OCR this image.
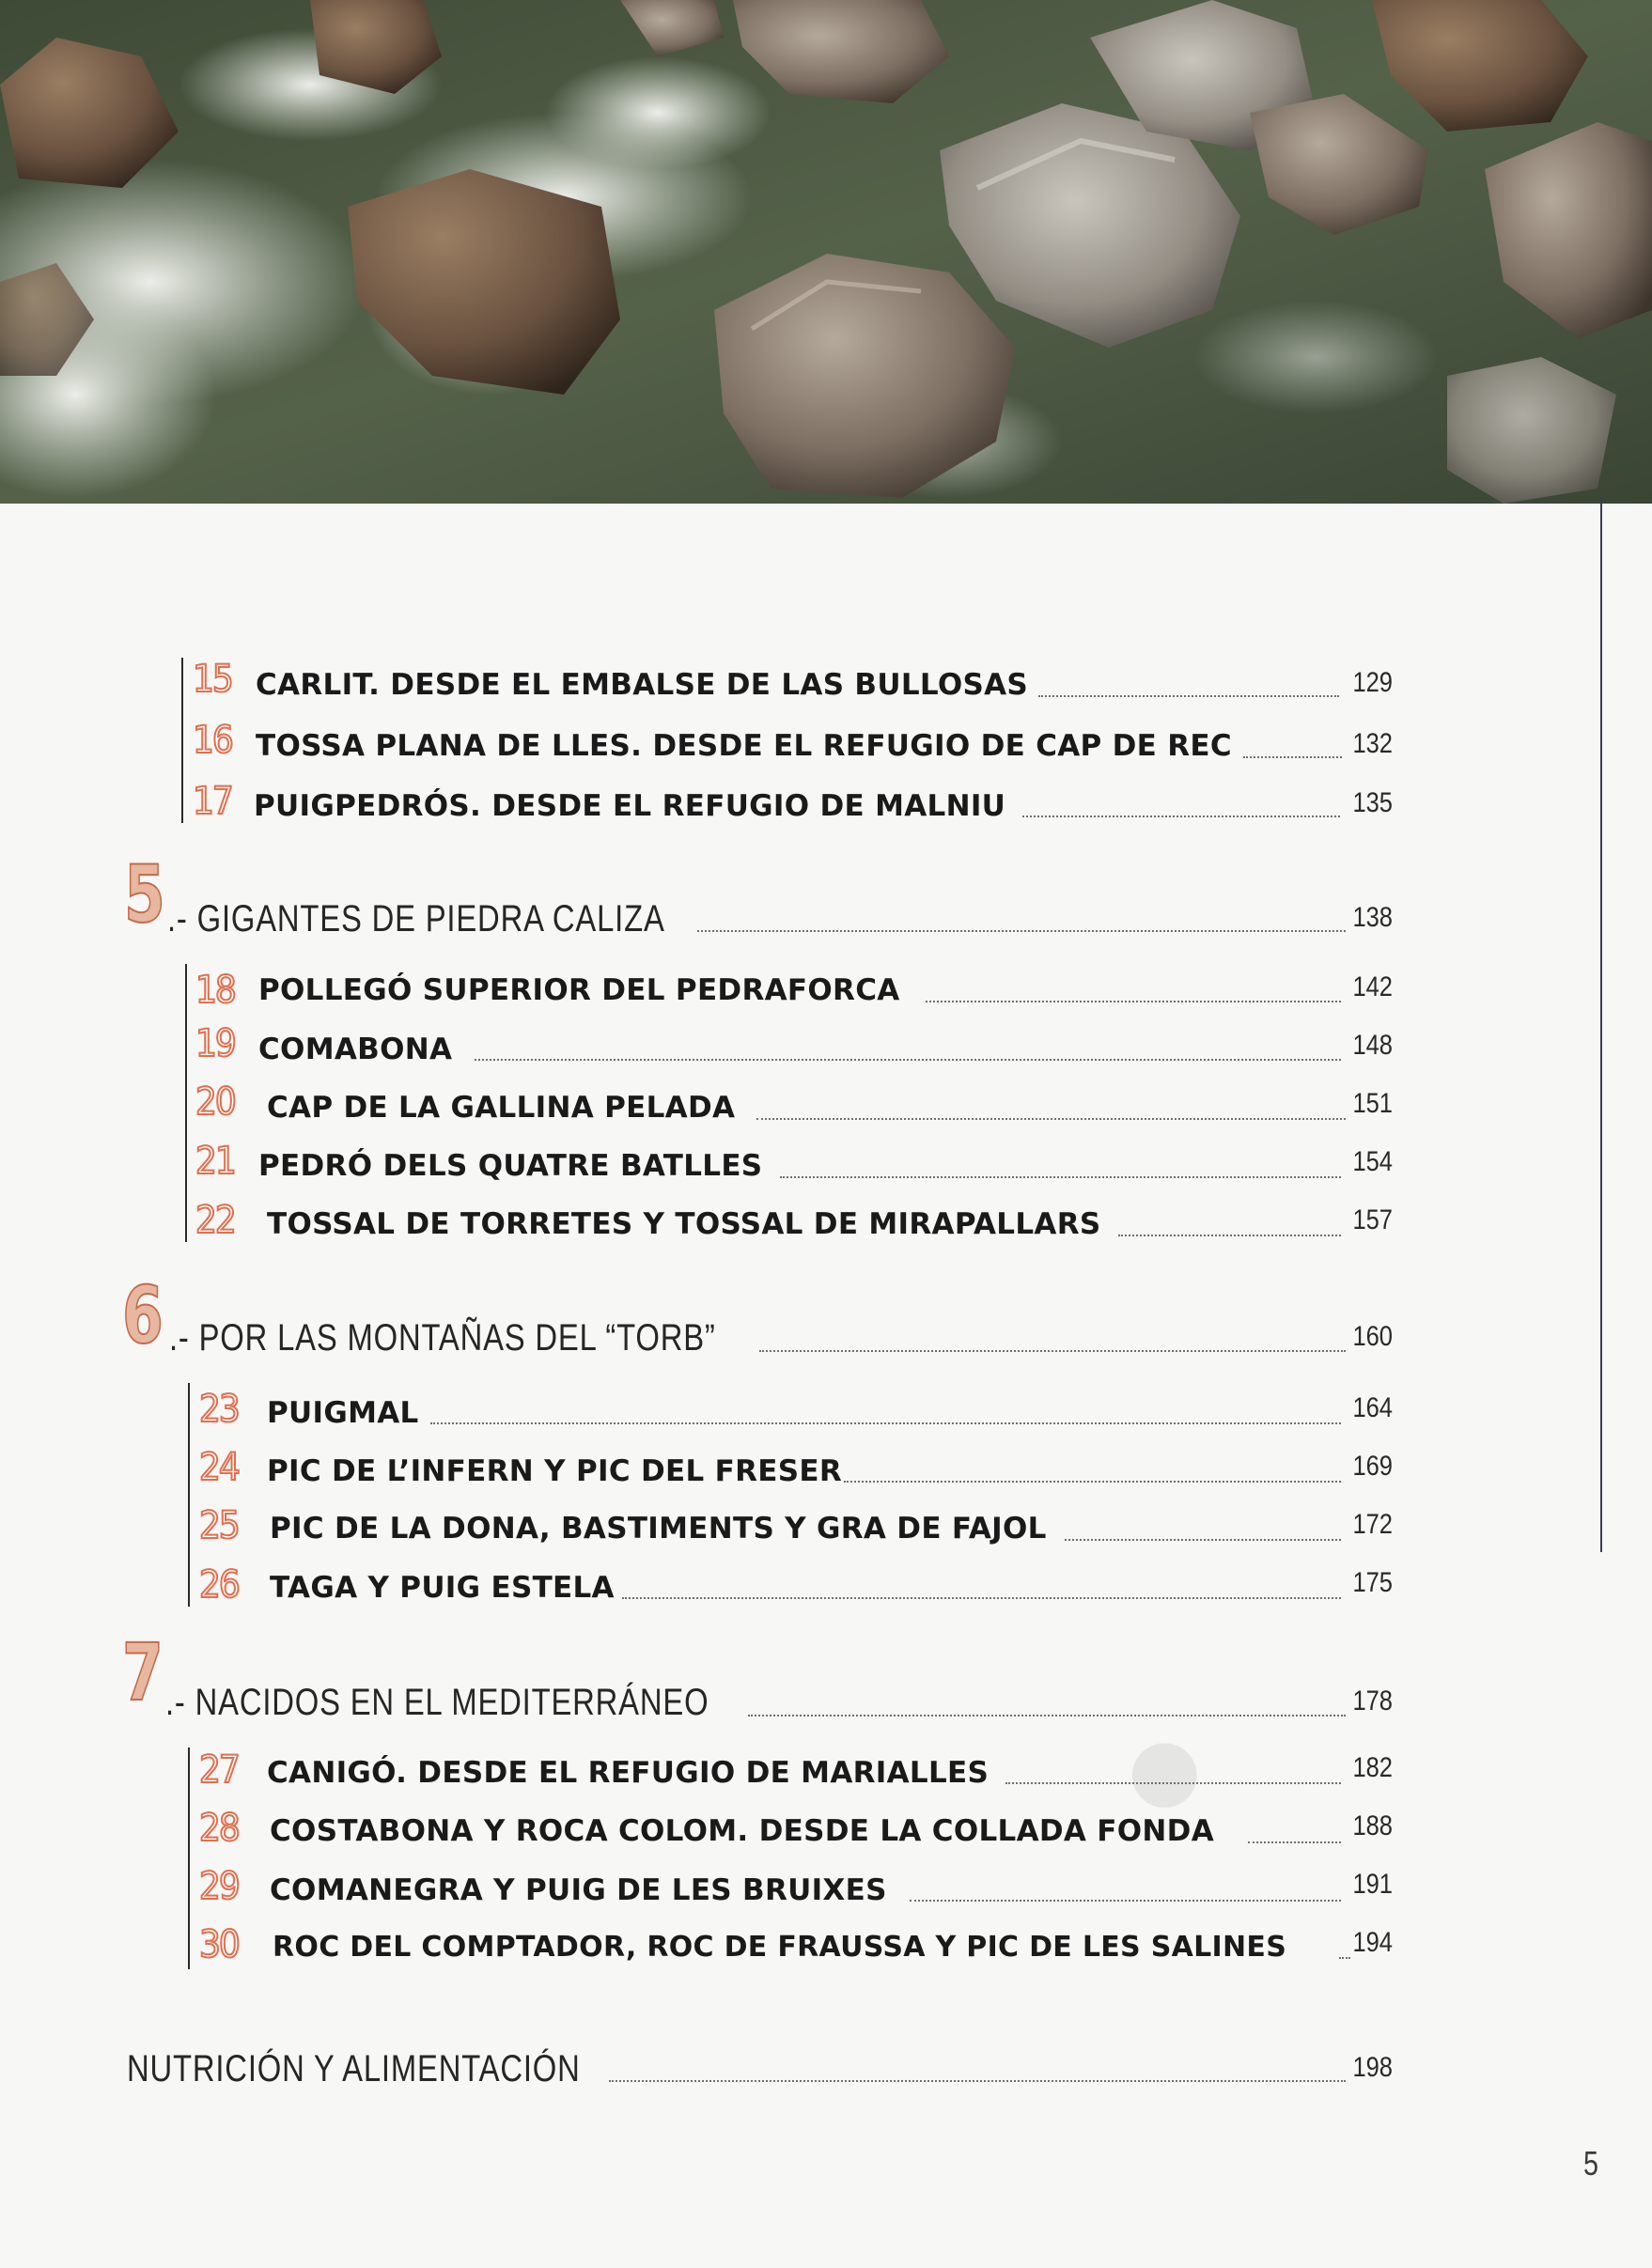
●
15 CARLIT. DESDE EL EMBALSE DE LAS BULLOSAS	129
16 TOSSA PLANA DE LLES. DESDE EL REFUGIO DE CAP DE REC	132
17 PUIGPEDRÓS. DESDE EL REFUGIO DE MALNIU	135
5 .- GIGANTES DE PIEDRA CALIZA	138
18 POLLEGÓ SUPERIOR DEL PEDRAFORCA	142
19 COMABONA	148
20 CAP DE LA GALLINA PELADA	151
21 PEDRÓ DELS QUATRE BATLLES	154
22 TOSSAL DE TORRETES Y TOSSAL DE MIRAPALLARS	157
6 .- POR LAS MONTAÑAS DEL “TORB”	160
23 PUIGMAL	164
24 PIC DE L’INFERN Y PIC DEL FRESER	169
25 PIC DE LA DONA, BASTIMENTS Y GRA DE FAJOL	172
26 TAGA Y PUIG ESTELA	175
7 .- NACIDOS EN EL MEDITERRÁNEO	178
27 CANIGÓ. DESDE EL REFUGIO DE MARIALLES	182
28 COSTABONA Y ROCA COLOM. DESDE LA COLLADA FONDA	188
29 COMANEGRA Y PUIG DE LES BRUIXES	191
30 ROC DEL COMPTADOR, ROC DE FRAUSSA Y PIC DE LES SALINES	194
NUTRICIÓN Y ALIMENTACIÓN	198
5
